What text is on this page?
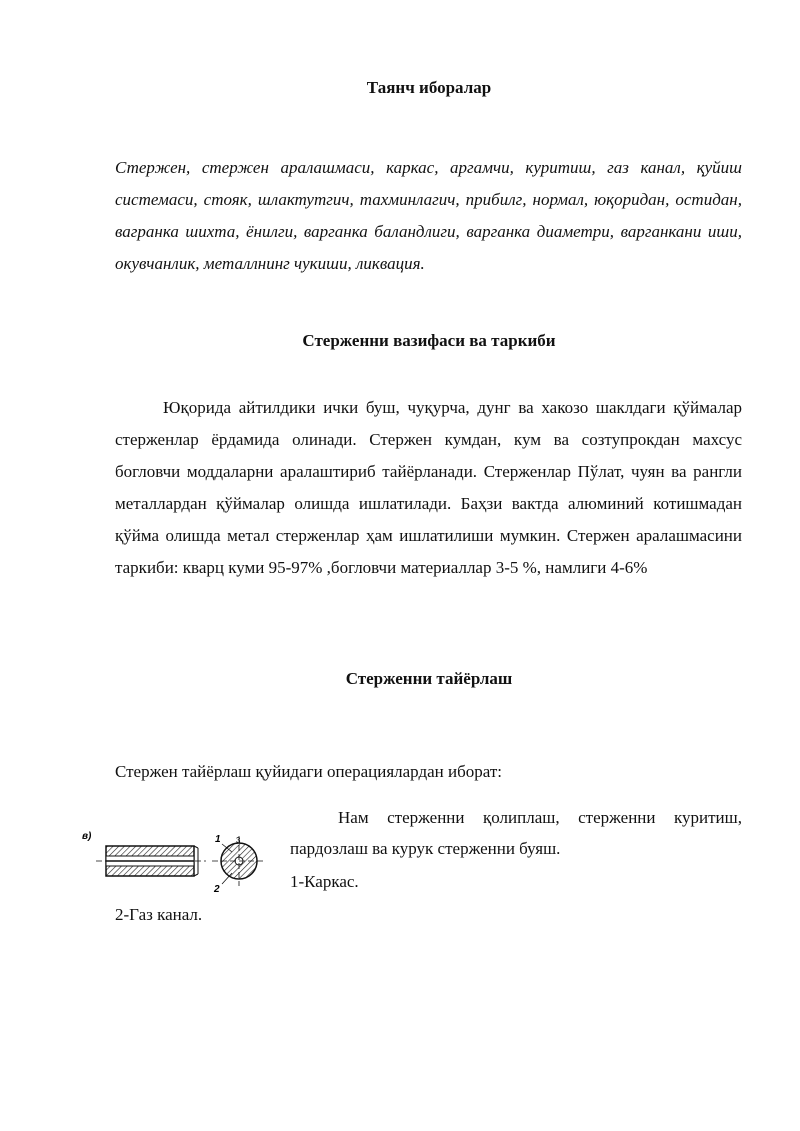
Таянч иборалар
Стержен, стержен аралашмаси, каркас, аргамчи, куритиш, газ канал, қуйиш системаси, стояк, шлактутгич, тахминлагич, прибилг, нормал, юқоридан, остидан, вагранка шихта, ёнилги, варганка баландлиги, варганка диаметри, варганкани иши, окувчанлик, металлнинг чукиши, ликвация.
Стерженни вазифаси ва таркиби
Юқорида айтилдики ички буш, чуқурча, дунг ва хакозо шаклдаги қўймалар стерженлар ёрдамида олинади. Стержен кумдан, кум ва созтупрокдан махсус богловчи моддаларни аралаштириб тайёрланади. Стерженлар Пўлат, чуян ва рангли металлардан қўймалар олишда ишлатилади. Баҳзи вактда алюминий котишмадан қўйма олишда метал стерженлар ҳам ишлатилиши мумкин. Стержен аралашмасини таркиби: кварц куми 95-97% ,богловчи материаллар 3-5 %, намлиги 4-6%
Стерженни тайёрлаш
Стержен тайёрлаш қуйидаги операциялардан иборат:
Нам стерженни қолиплаш, стерженни куритиш, пардозлаш ва курук стерженни буяш.
1-Каркас.
2-Газ канал.
в)	1 3
2
